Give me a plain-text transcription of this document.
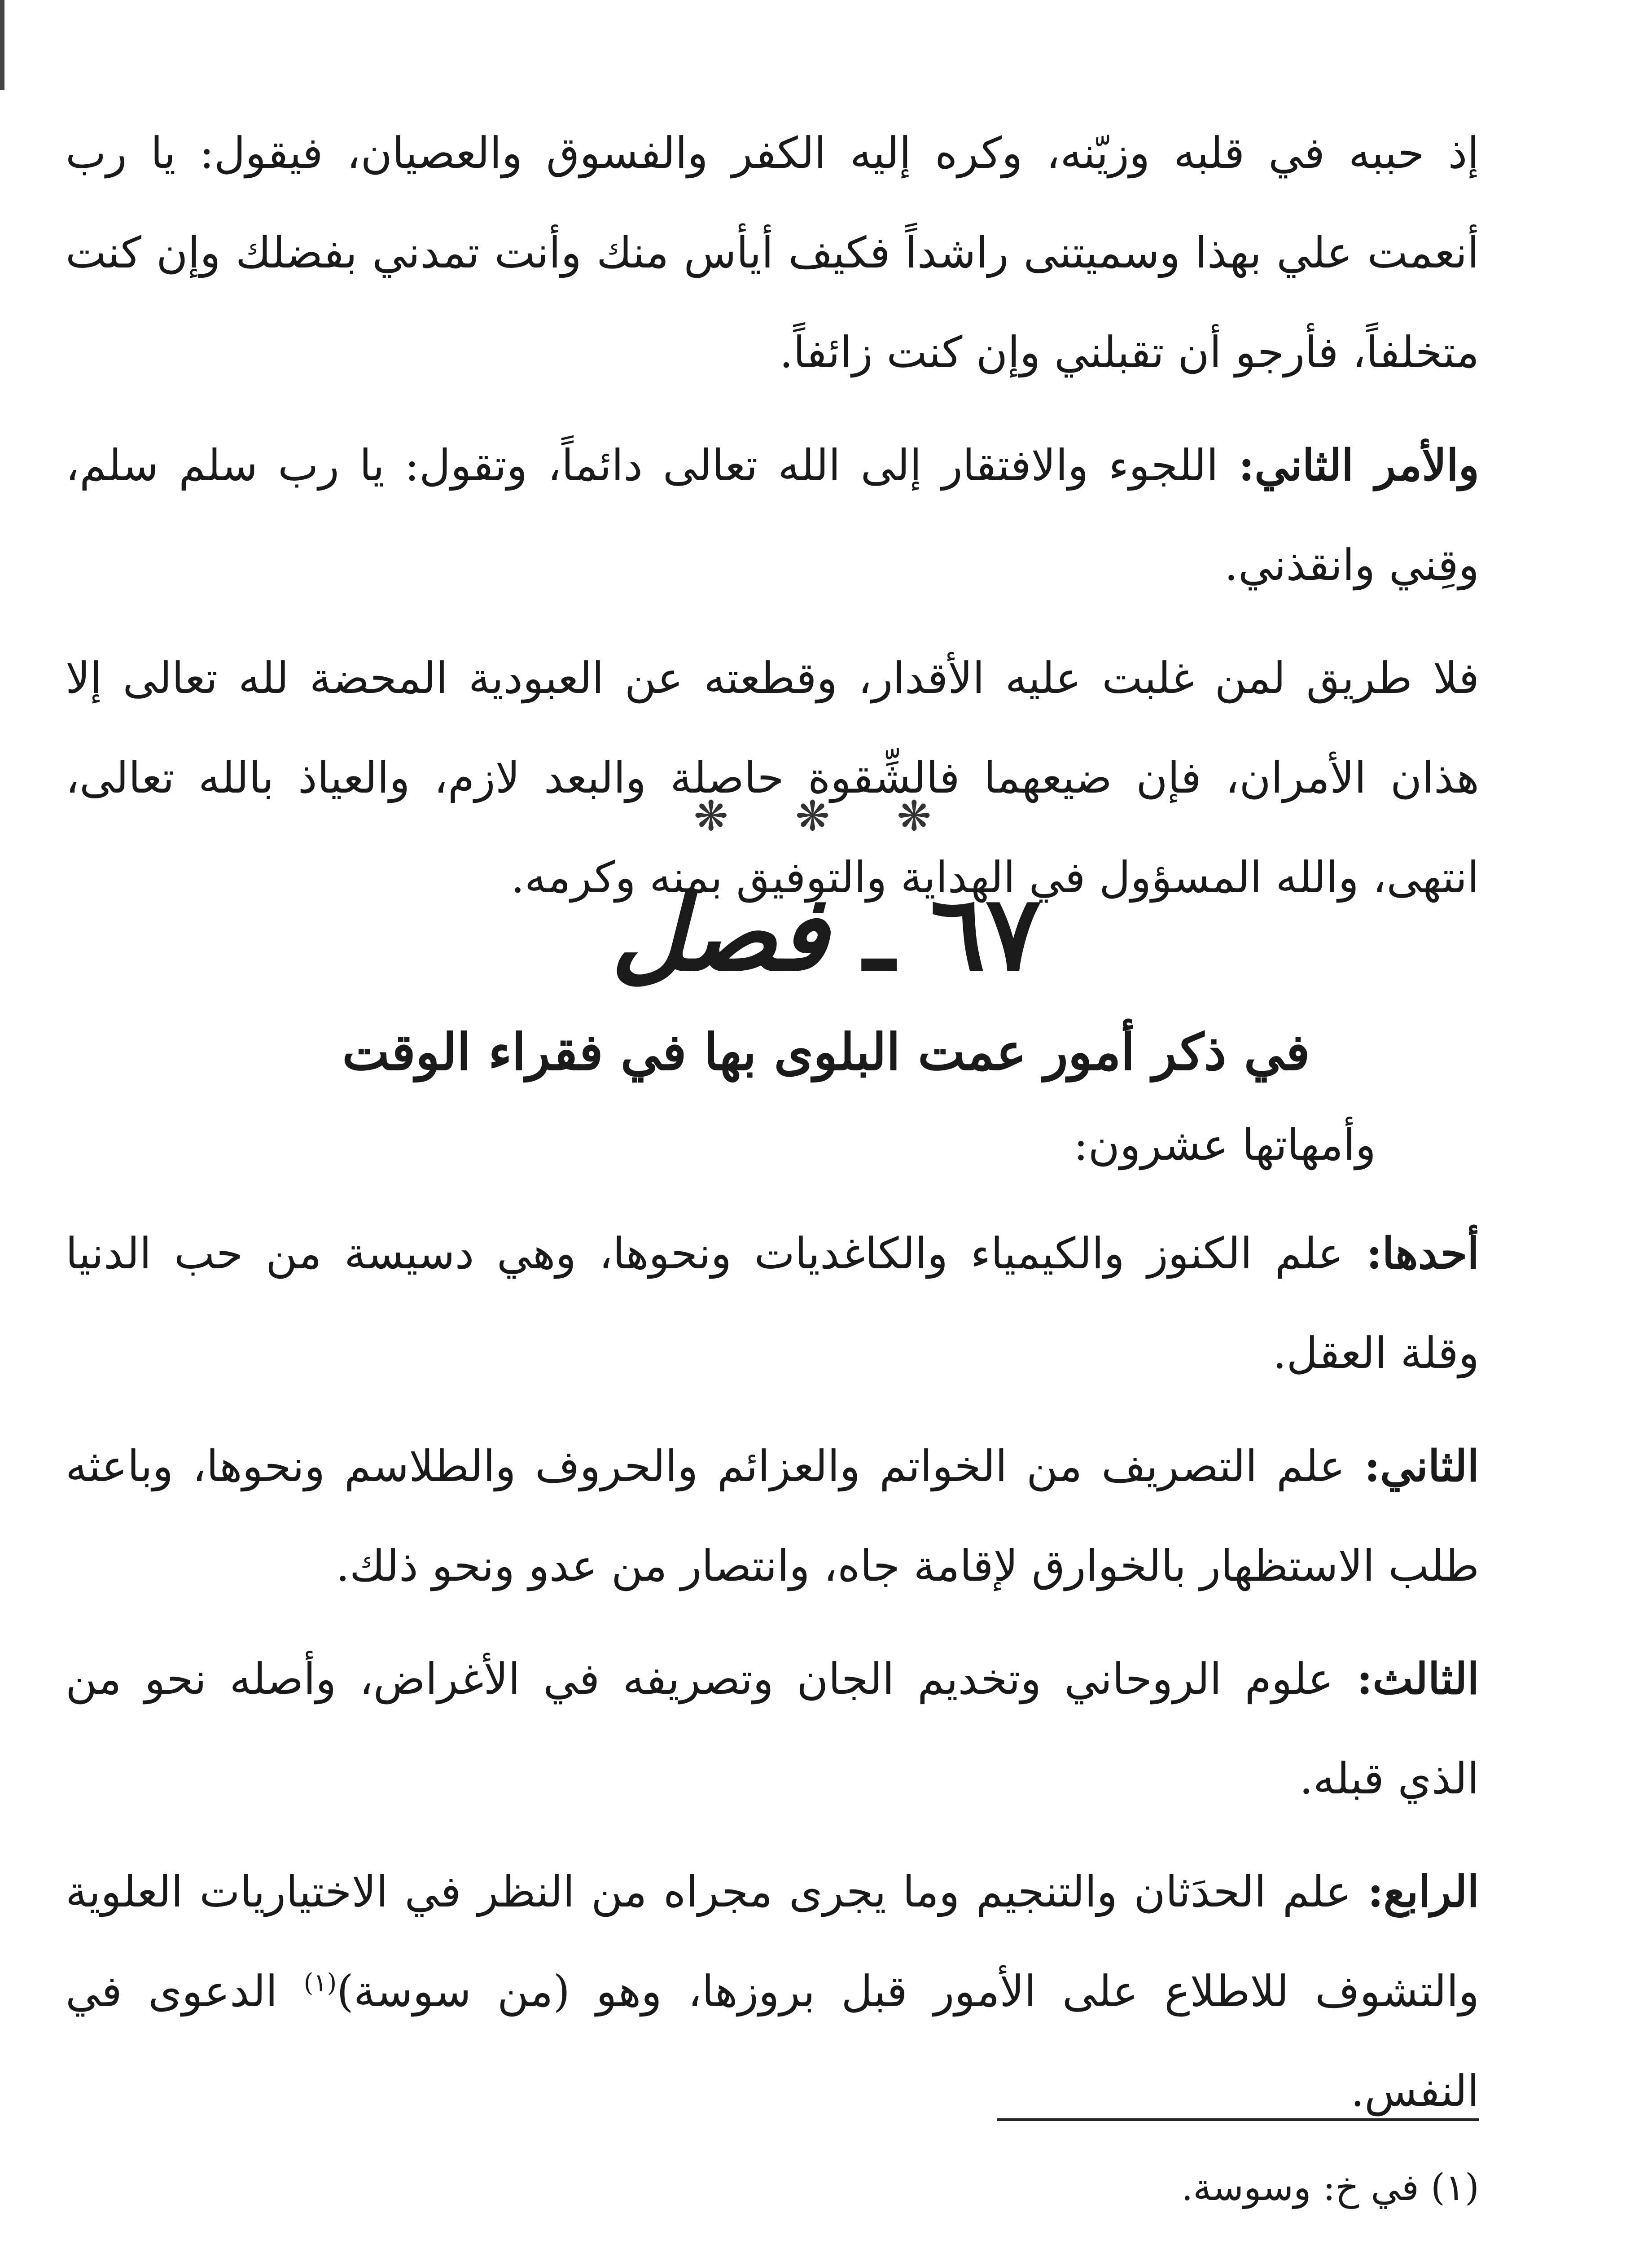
إذ حببه في قلبه وزيّنه، وكره إليه الكفر والفسوق والعصيان، فيقول: يا رب أنعمت علي بهذا وسميتنى راشداً فكيف أيأس منك وأنت تمدني بفضلك وإن كنت متخلفاً، فأرجو أن تقبلني وإن كنت زائفاً.

والأمر الثاني: اللجوء والافتقار إلى الله تعالى دائماً، وتقول: يا رب سلم سلم، وقِني وانقذني.

فلا طريق لمن غلبت عليه الأقدار، وقطعته عن العبودية المحضة لله تعالى إلا هذان الأمران، فإن ضيعهما فالشِّقوة حاصلة والبعد لازم، والعياذ بالله تعالى، انتهى، والله المسؤول في الهداية والتوفيق بمنه وكرمه.

❋ ❋ ❋
٦٧ ـ فصل
في ذكر أمور عمت البلوى بها في فقراء الوقت

وأمهاتها عشرون:

أحدها: علم الكنوز والكيمياء والكاغديات ونحوها، وهي دسيسة من حب الدنيا وقلة العقل.

الثاني: علم التصريف من الخواتم والعزائم والحروف والطلاسم ونحوها، وباعثه طلب الاستظهار بالخوارق لإقامة جاه، وانتصار من عدو ونحو ذلك.

الثالث: علوم الروحاني وتخديم الجان وتصريفه في الأغراض، وأصله نحو من الذي قبله.

الرابع: علم الحدَثان والتنجيم وما يجرى مجراه من النظر في الاختياريات العلوية والتشوف للاطلاع على الأمور قبل بروزها، وهو (من سوسة)$^{(١)}$ الدعوى في النفس.

(١) في خ: وسوسة.
